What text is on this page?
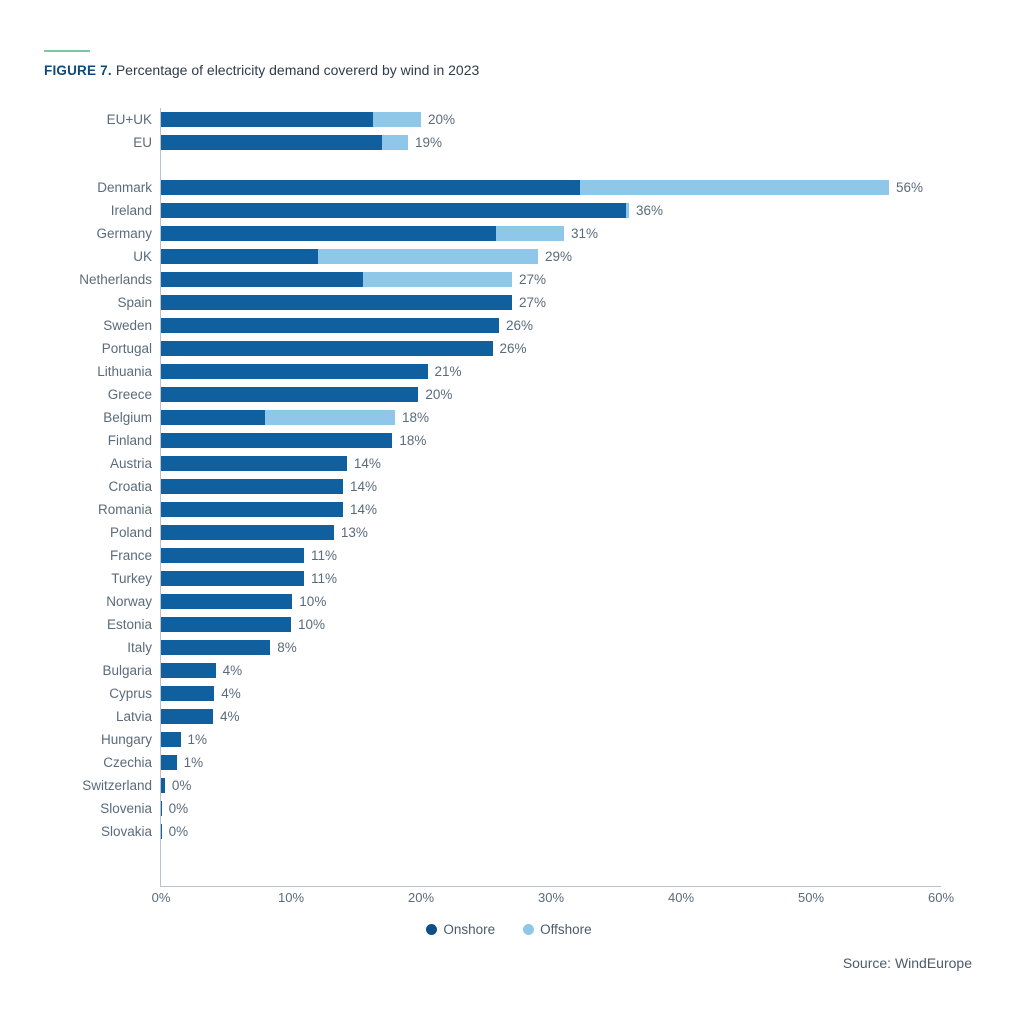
FIGURE 7. Percentage of electricity demand covererd by wind in 2023
EU+UK	20%
EU	19%
Denmark	56%
Ireland	36%
Germany	31%
UK	29%
Netherlands	27%
Spain	27%
Sweden	26%
Portugal	26%
Lithuania	21%
Greece	20%
Belgium	18%
Finland	18%
Austria	14%
Croatia	14%
Romania	14%
Poland	13%
France	11%
Turkey	11%
Norway	10%
Estonia	10%
Italy	8%
Bulgaria	4%
Cyprus	4%
Latvia	4%
Hungary	1%
Czechia 1%
Switzerland 0%
Slovenia 0%
Slovakia 0%
0%	10%	20%	30%	40%	50%	60%
Onshore	Offshore
Source: WindEurope
